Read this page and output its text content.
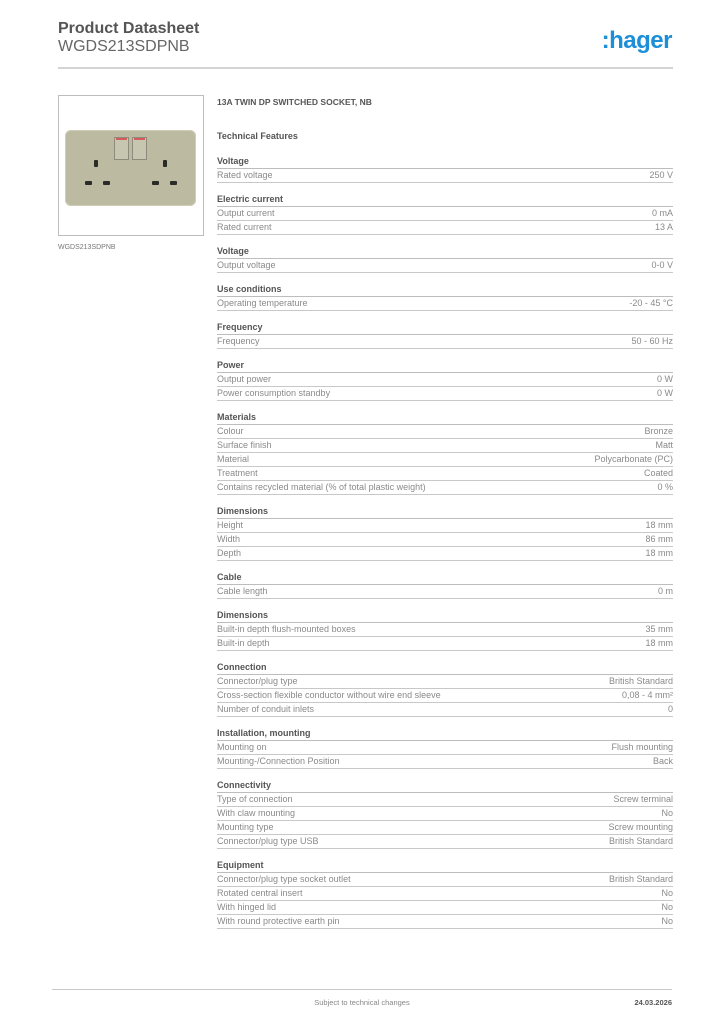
Product Datasheet
WGDS213SDPNB	:hager
WGDS213SDPNB
13A TWIN DP SWITCHED SOCKET, NB
Technical Features
Voltage
Rated voltage	250 V
Electric current
Output current	0 mA
Rated current	13 A
Voltage
Output voltage	0-0 V
Use conditions
Operating temperature	-20 - 45 °C
Frequency
Frequency	50 - 60 Hz
Power
Output power	0 W
Power consumption standby	0 W
Materials
Colour	Bronze
Surface finish	Matt
Material	Polycarbonate (PC)
Treatment	Coated
Contains recycled material (% of total plastic weight)	0 %
Dimensions
Height	18 mm
Width	86 mm
Depth	18 mm
Cable
Cable length	0 m
Dimensions
Built-in depth flush-mounted boxes	35 mm
Built-in depth	18 mm
Connection
Connector/plug type	British Standard
Cross-section flexible conductor without wire end sleeve	0,08 - 4 mm²
Number of conduit inlets	0
Installation, mounting
Mounting on	Flush mounting
Mounting-/Connection Position	Back
Connectivity
Type of connection	Screw terminal
With claw mounting	No
Mounting type	Screw mounting
Connector/plug type USB	British Standard
Equipment
Connector/plug type socket outlet	British Standard
Rotated central insert	No
With hinged lid	No
With round protective earth pin	No
Subject to technical changes	24.03.2026
